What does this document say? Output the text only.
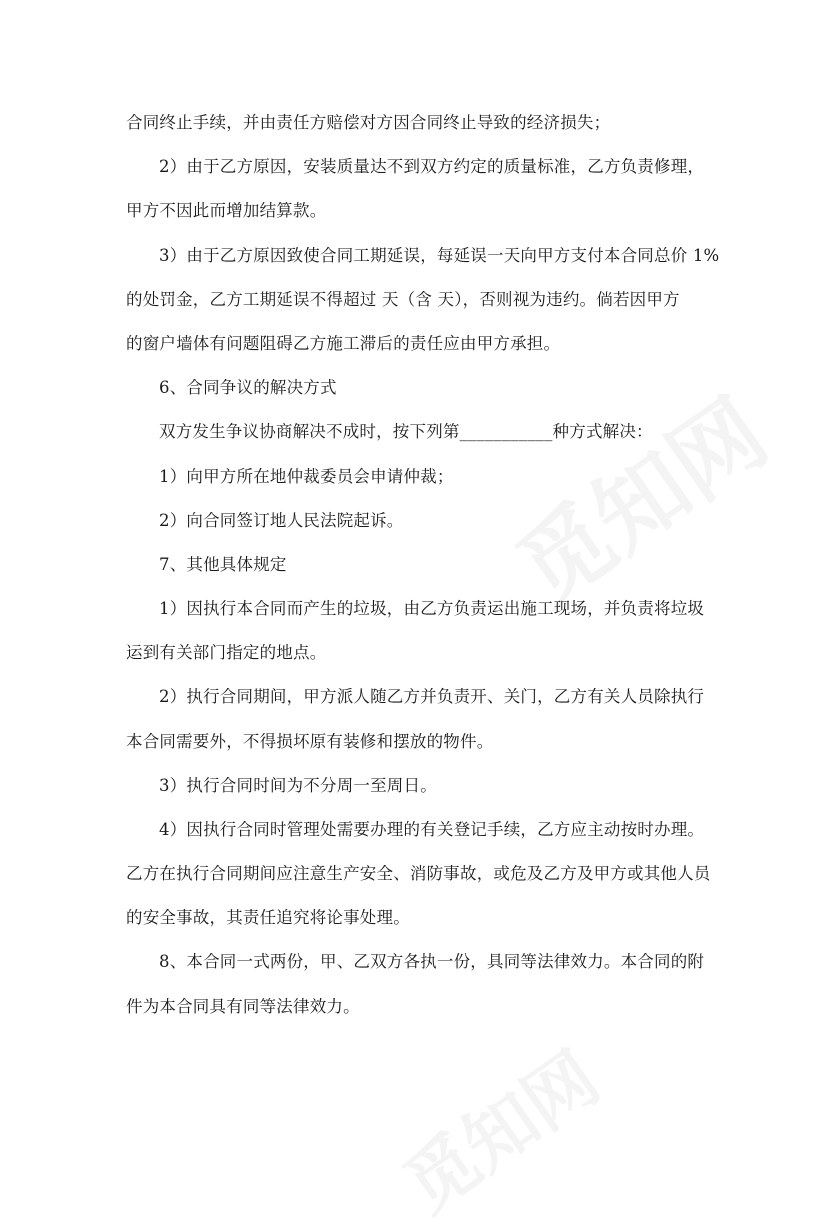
合同终止手续，并由责任方赔偿对方因合同终止导致的经济损失；
2）由于乙方原因，安装质量达不到双方约定的质量标准，乙方负责修理，
甲方不因此而增加结算款。
3）由于乙方原因致使合同工期延误，每延误一天向甲方支付本合同总价 1%
的处罚金，乙方工期延误不得超过 天（含 天），否则视为违约。倘若因甲方
的窗户墙体有问题阻碍乙方施工滞后的责任应由甲方承担。
6、合同争议的解决方式
双方发生争议协商解决不成时，按下列第___________种方式解决：
1）向甲方所在地仲裁委员会申请仲裁；
2）向合同签订地人民法院起诉。
7、其他具体规定
1）因执行本合同而产生的垃圾，由乙方负责运出施工现场，并负责将垃圾
运到有关部门指定的地点。
2）执行合同期间，甲方派人随乙方并负责开、关门，乙方有关人员除执行
本合同需要外，不得损坏原有装修和摆放的物件。
3）执行合同时间为不分周一至周日。
4）因执行合同时管理处需要办理的有关登记手续，乙方应主动按时办理。
乙方在执行合同期间应注意生产安全、消防事故，或危及乙方及甲方或其他人员
的安全事故，其责任追究将论事处理。
8、本合同一式两份，甲、乙双方各执一份，具同等法律效力。本合同的附
件为本合同具有同等法律效力。
